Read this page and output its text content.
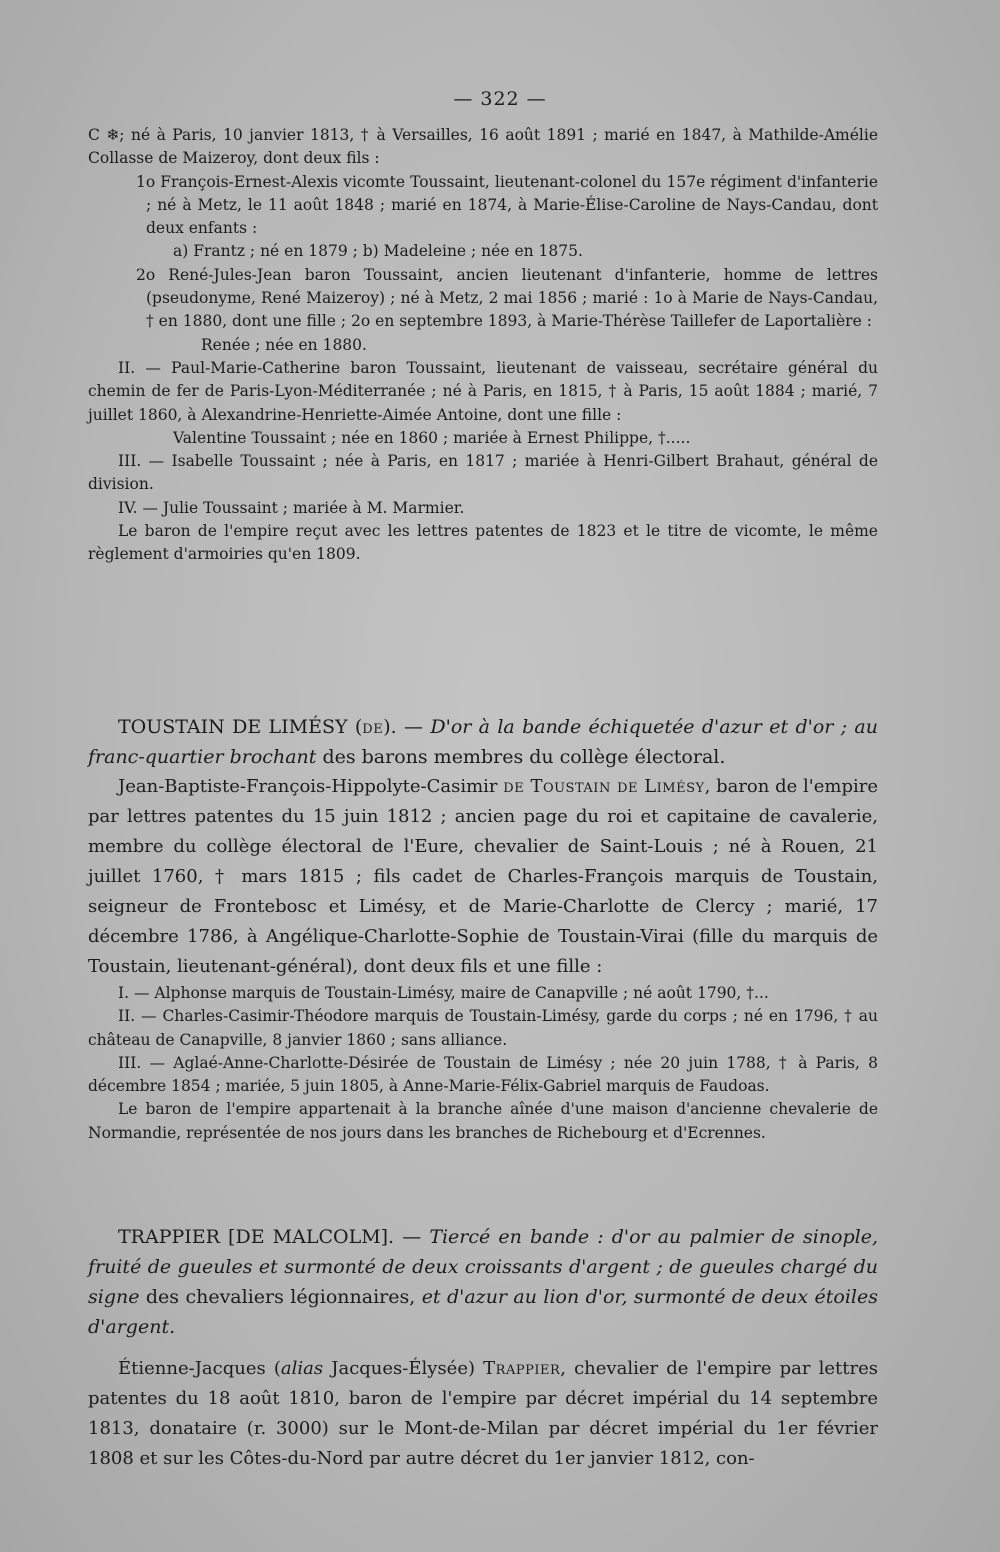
— 322 —

C ❄; né à Paris, 10 janvier 1813, † à Versailles, 16 août 1891 ; marié en 1847, à Mathilde-Amélie Collasse de Maizeroy, dont deux fils :

1o François-Ernest-Alexis vicomte Toussaint, lieutenant-colonel du 157e régiment d'infanterie ; né à Metz, le 11 août 1848 ; marié en 1874, à Marie-Élise-Caroline de Nays-Candau, dont deux enfants :

a) Frantz ; né en 1879 ; b) Madeleine ; née en 1875.

2o René-Jules-Jean baron Toussaint, ancien lieutenant d'infanterie, homme de lettres (pseudonyme, René Maizeroy) ; né à Metz, 2 mai 1856 ; marié : 1o à Marie de Nays-Candau, † en 1880, dont une fille ; 2o en septembre 1893, à Marie-Thérèse Taillefer de Laportalière :

Renée ; née en 1880.

II. — Paul-Marie-Catherine baron Toussaint, lieutenant de vaisseau, secrétaire général du chemin de fer de Paris-Lyon-Méditerranée ; né à Paris, en 1815, † à Paris, 15 août 1884 ; marié, 7 juillet 1860, à Alexandrine-Henriette-Aimée Antoine, dont une fille :

Valentine Toussaint ; née en 1860 ; mariée à Ernest Philippe, †.....

III. — Isabelle Toussaint ; née à Paris, en 1817 ; mariée à Henri-Gilbert Brahaut, général de division.

IV. — Julie Toussaint ; mariée à M. Marmier.

Le baron de l'empire reçut avec les lettres patentes de 1823 et le titre de vicomte, le même règlement d'armoiries qu'en 1809.

TOUSTAIN DE LIMÉSY (de). — D'or à la bande échiquetée d'azur et d'or ; au franc-quartier brochant des barons membres du collège électoral.

Jean-Baptiste-François-Hippolyte-Casimir de Toustain de Limésy, baron de l'empire par lettres patentes du 15 juin 1812 ; ancien page du roi et capitaine de cavalerie, membre du collège électoral de l'Eure, chevalier de Saint-Louis ; né à Rouen, 21 juillet 1760, † mars 1815 ; fils cadet de Charles-François marquis de Toustain, seigneur de Frontebosc et Limésy, et de Marie-Charlotte de Clercy ; marié, 17 décembre 1786, à Angélique-Charlotte-Sophie de Toustain-Virai (fille du marquis de Toustain, lieutenant-général), dont deux fils et une fille :

I. — Alphonse marquis de Toustain-Limésy, maire de Canapville ; né août 1790, †...

II. — Charles-Casimir-Théodore marquis de Toustain-Limésy, garde du corps ; né en 1796, † au château de Canapville, 8 janvier 1860 ; sans alliance.

III. — Aglaé-Anne-Charlotte-Désirée de Toustain de Limésy ; née 20 juin 1788, † à Paris, 8 décembre 1854 ; mariée, 5 juin 1805, à Anne-Marie-Félix-Gabriel marquis de Faudoas.

Le baron de l'empire appartenait à la branche aînée d'une maison d'ancienne chevalerie de Normandie, représentée de nos jours dans les branches de Richebourg et d'Ecrennes.

TRAPPIER [DE MALCOLM]. — Tiercé en bande : d'or au palmier de sinople, fruité de gueules et surmonté de deux croissants d'argent ; de gueules chargé du signe des chevaliers légionnaires, et d'azur au lion d'or, surmonté de deux étoiles d'argent.

Étienne-Jacques (alias Jacques-Élysée) Trappier, chevalier de l'empire par lettres patentes du 18 août 1810, baron de l'empire par décret impérial du 14 septembre 1813, donataire (r. 3000) sur le Mont-de-Milan par décret impérial du 1er février 1808 et sur les Côtes-du-Nord par autre décret du 1er janvier 1812, con-
